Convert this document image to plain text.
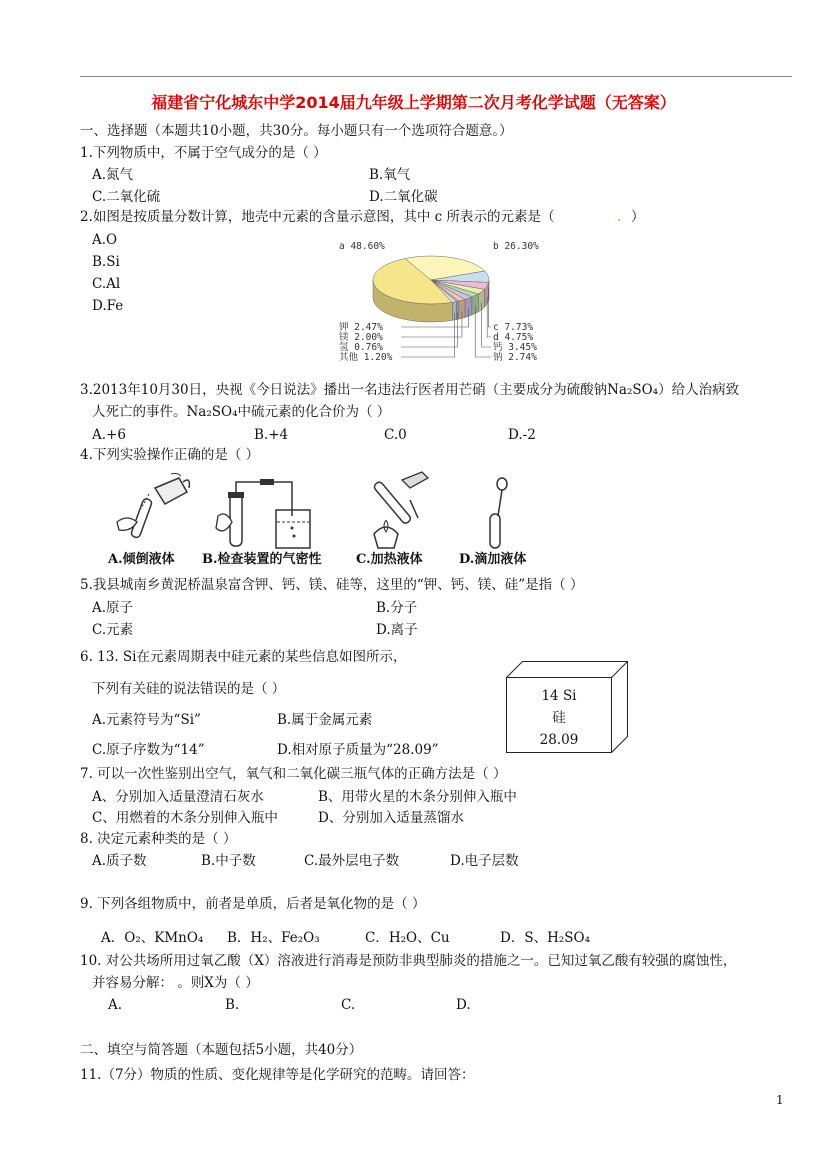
福建省宁化城东中学2014届九年级上学期第二次月考化学试题（无答案）
一、选择题（本题共10小题，共30分。每小题只有一个选项符合题意。）
1.下列物质中，不属于空气成分的是（ ）
A.氮气	B.氧气
C.二氧化硫	D.二氧化碳
2.如图是按质量分数计算，地壳中元素的含量示意图，其中 c 所表示的元素是（	. ）
A.O
B.Si
C.Al
D.Fe
a 48.60%	b 26.30%
c 7.73%
d 4.75%
钙 3.45%
钠 2.74%
钾 2.47%
镁 2.00%
氢 0.76%
其他 1.20%
3.2013年10月30日，央视《今日说法》播出一名违法行医者用芒硝（主要成分为硫酸钠Na₂SO₄）给人治病致
人死亡的事件。Na₂SO₄中硫元素的化合价为（ ）
A.+6	B.+4	C.0	D.-2
4.下列实验操作正确的是（ ）
A.倾倒液体 B.检查装置的气密性	C.加热液体	D.滴加液体
5.我县城南乡黄泥桥温泉富含钾、钙、镁、硅等，这里的“钾、钙、镁、硅”是指（ ）
A.原子	B.分子
C.元素	D.离子
6. 13. Si在元素周期表中硅元素的某些信息如图所示，
下列有关硅的说法错误的是（ ）
A.元素符号为“Si”	B.属于金属元素
C.原子序数为“14”	D.相对原子质量为“28.09”
14 Si
硅
28.09
7. 可以一次性鉴别出空气，氧气和二氧化碳三瓶气体的正确方法是（ ）
A、分别加入适量澄清石灰水	B、用带火星的木条分别伸入瓶中
C、用燃着的木条分别伸入瓶中	D、分别加入适量蒸馏水
8. 决定元素种类的是（ ）
A.质子数	B.中子数	C.最外层电子数	D.电子层数
9. 下列各组物质中，前者是单质，后者是氧化物的是（ ）
A．O₂、KMnO₄ B．H₂、Fe₂O₃	C．H₂O、Cu	D．S、H₂SO₄
10. 对公共场所用过氧乙酸（X）溶液进行消毒是预防非典型肺炎的措施之一。已知过氧乙酸有较强的腐蚀性，
并容易分解： 。则X为（ ）
A.	B.	C.	D.
二、填空与简答题（本题包括5小题，共40分）
11.（7分）物质的性质、变化规律等是化学研究的范畴。请回答：
1
